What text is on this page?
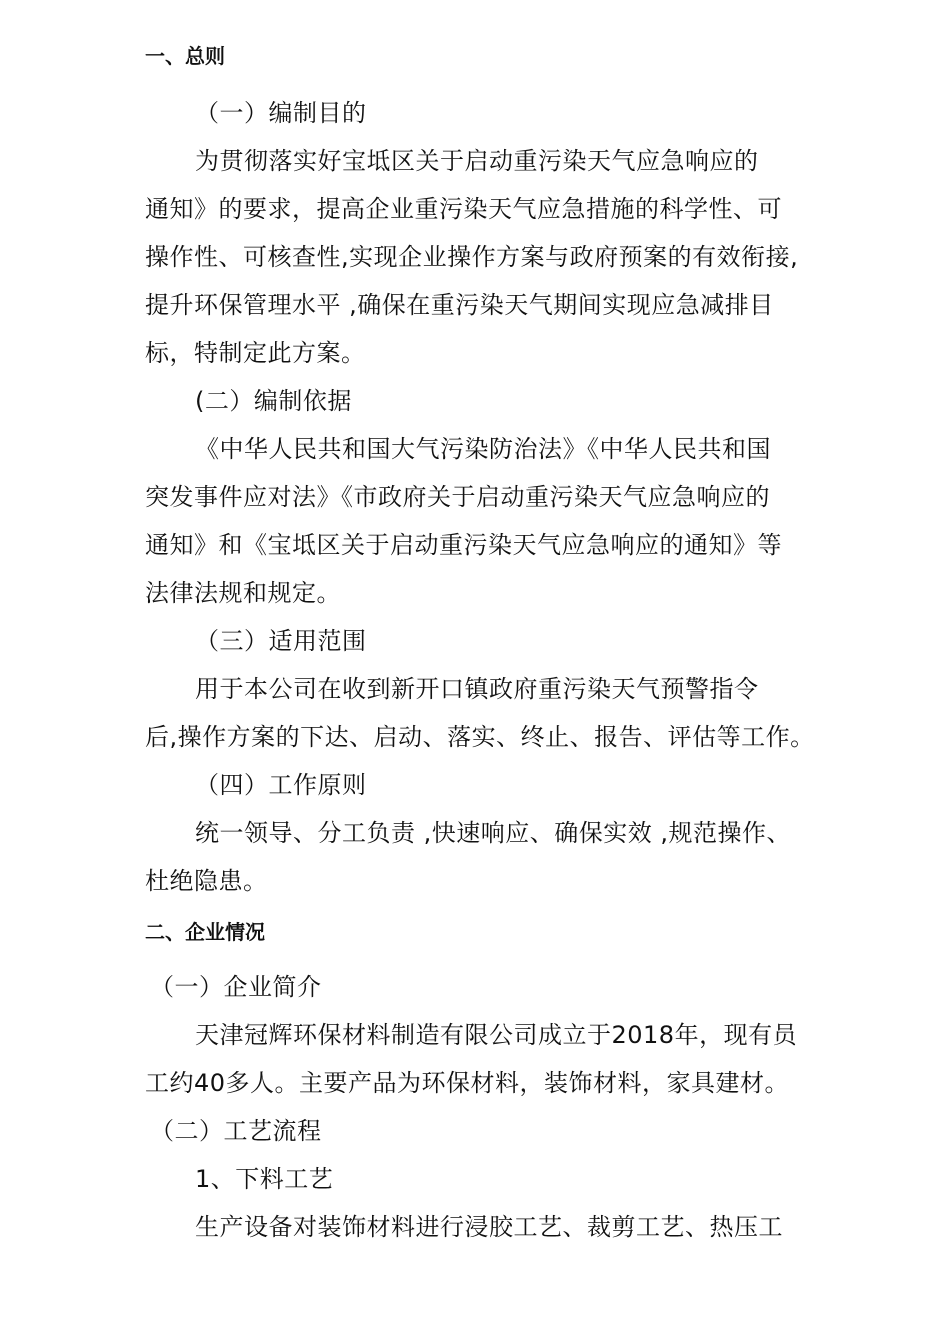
一、总则
（一）编制目的
为贯彻落实好宝坻区关于启动重污染天气应急响应的
通知》的要求，提高企业重污染天气应急措施的科学性、可
操作性、可核查性,实现企业操作方案与政府预案的有效衔接,
提升环保管理水平 ,确保在重污染天气期间实现应急减排目
标，特制定此方案。
(二）编制依据
《中华人民共和国大气污染防治法》《中华人民共和国
突发事件应对法》《市政府关于启动重污染天气应急响应的
通知》和《宝坻区关于启动重污染天气应急响应的通知》等
法律法规和规定。
（三）适用范围
用于本公司在收到新开口镇政府重污染天气预警指令
后,操作方案的下达、启动、落实、终止、报告、评估等工作。
（四）工作原则
统一领导、分工负责 ,快速响应、确保实效 ,规范操作、
杜绝隐患。
二、企业情况
（一）企业简介
天津冠辉环保材料制造有限公司成立于2018年，现有员
工约40多人。主要产品为环保材料，装饰材料，家具建材。
（二）工艺流程
1、下料工艺
生产设备对装饰材料进行浸胶工艺、裁剪工艺、热压工
